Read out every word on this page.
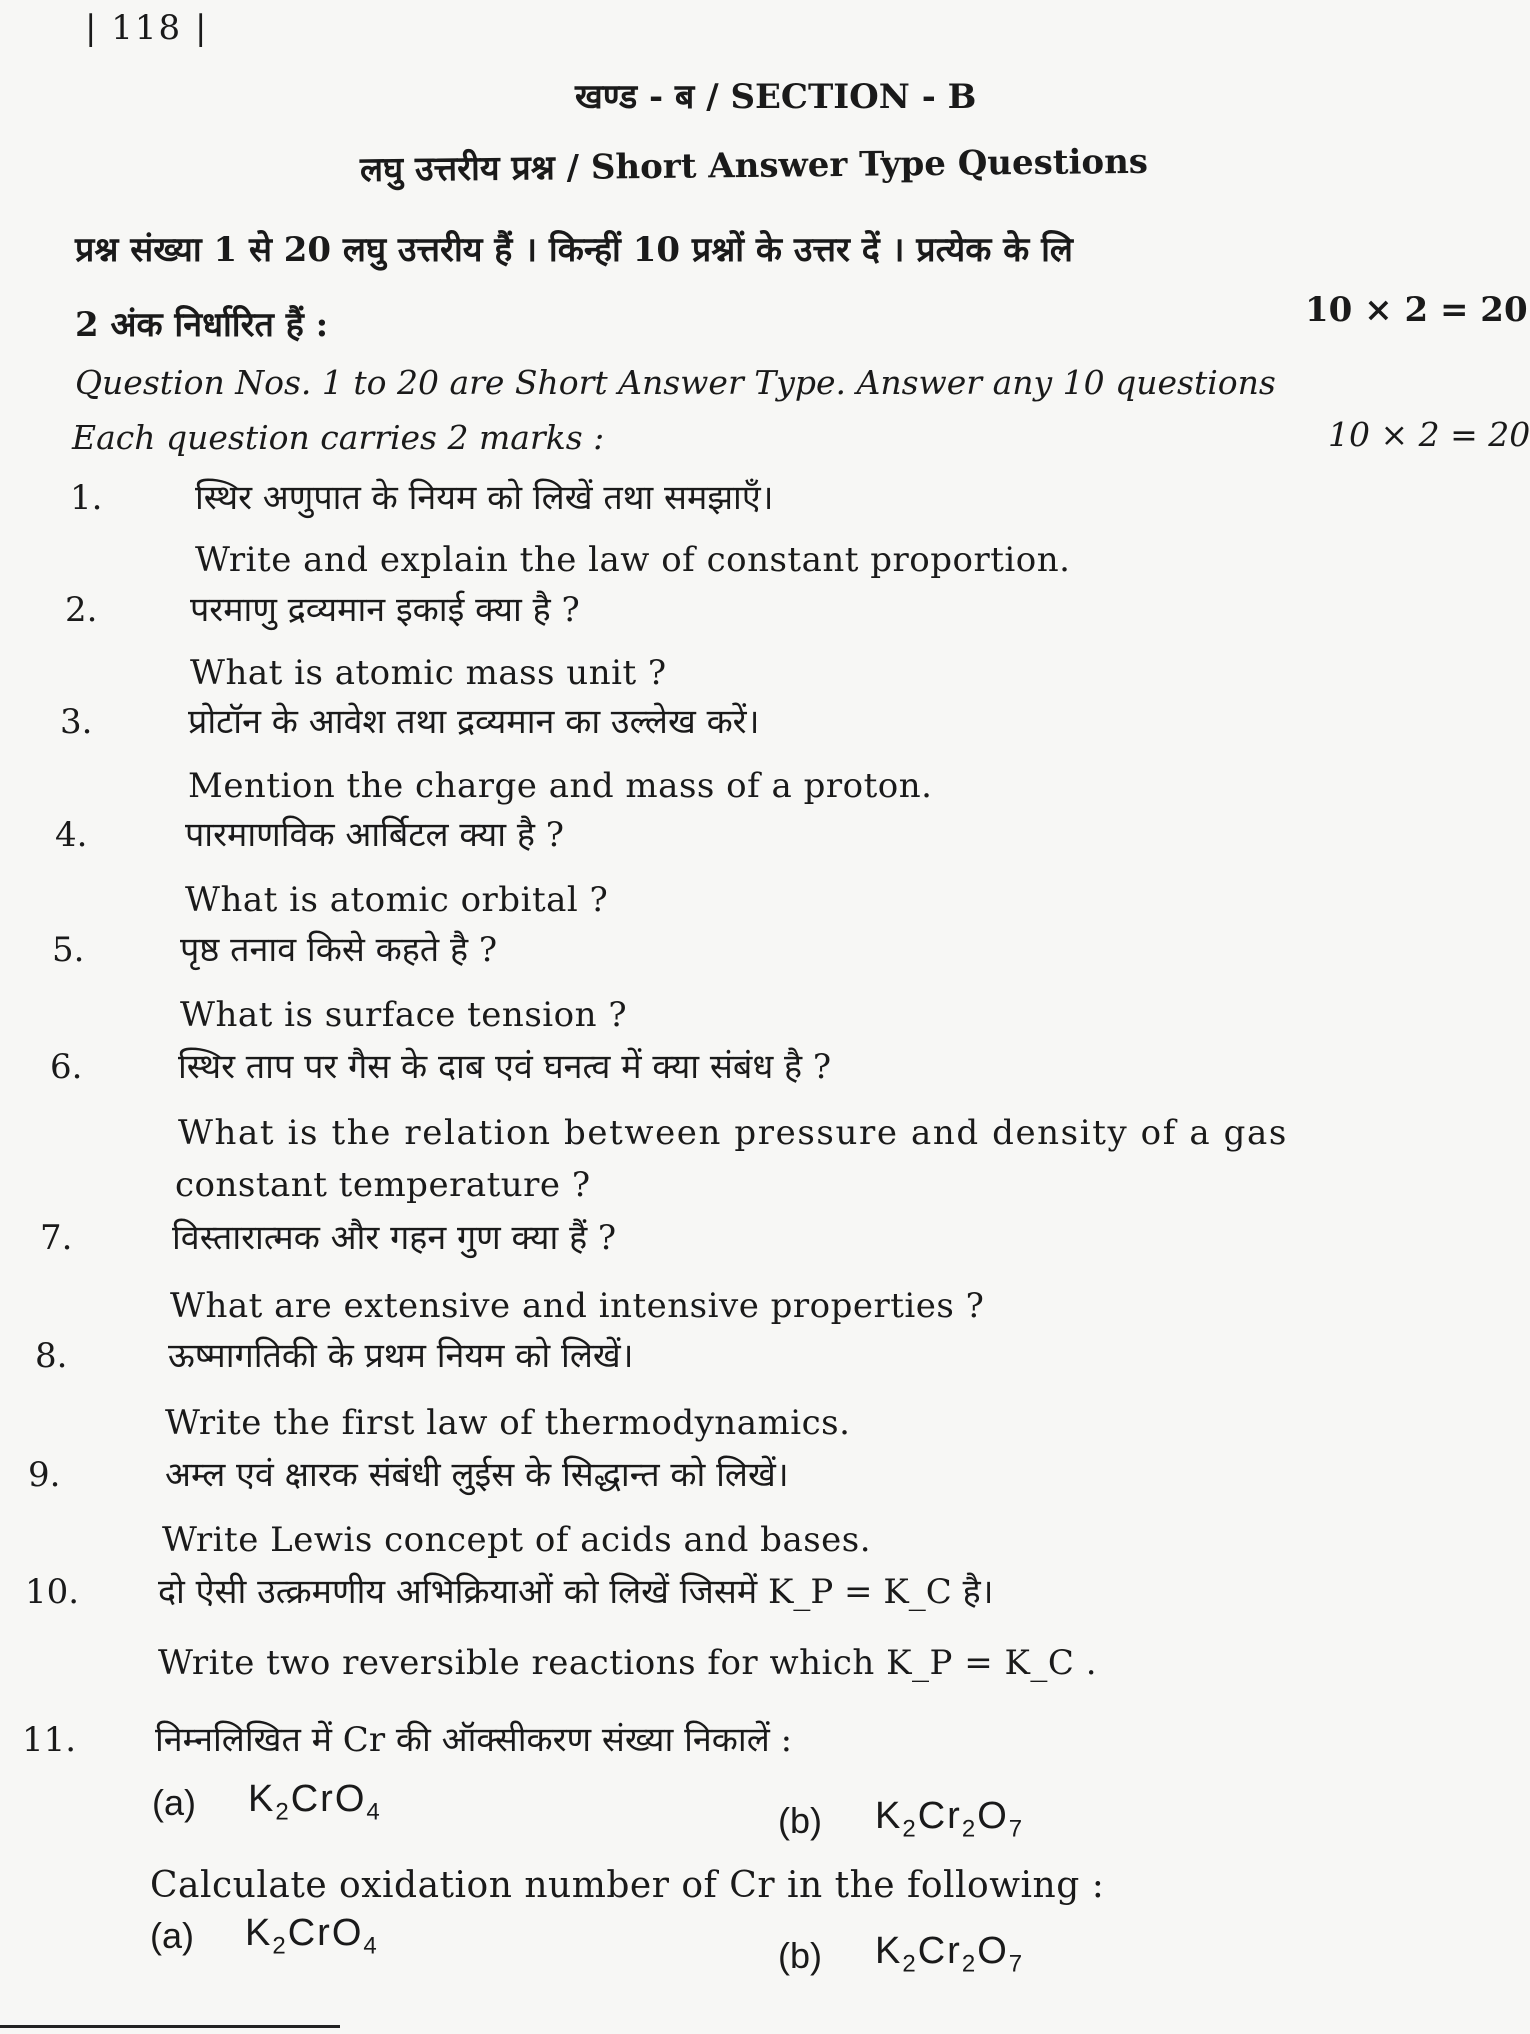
| 118 |
खण्ड - ब / SECTION - B
लघु उत्तरीय प्रश्न / Short Answer Type Questions
प्रश्न संख्या 1 से 20 लघु उत्तरीय हैं । किन्हीं 10 प्रश्नों के उत्तर दें । प्रत्येक के लि
2 अंक निर्धारित हैं :	10 × 2 = 20
Question Nos. 1 to 20 are Short Answer Type. Answer any 10 questions
Each question carries 2 marks :	10 × 2 = 20
1.	स्थिर अणुपात के नियम को लिखें तथा समझाएँ।
Write and explain the law of constant proportion.
2.	परमाणु द्रव्यमान इकाई क्या है ?
What is atomic mass unit ?
3.	प्रोटॉन के आवेश तथा द्रव्यमान का उल्लेख करें।
Mention the charge and mass of a proton.
4.	पारमाणविक आर्बिटल क्या है ?
What is atomic orbital ?
5.	पृष्ठ तनाव किसे कहते है ?
What is surface tension ?
6.	स्थिर ताप पर गैस के दाब एवं घनत्व में क्या संबंध है ?
What is the relation between pressure and density of a gas
constant temperature ?
7.	विस्तारात्मक और गहन गुण क्या हैं ?
What are extensive and intensive properties ?
8.	ऊष्मागतिकी के प्रथम नियम को लिखें।
Write the first law of thermodynamics.
9.	अम्ल एवं क्षारक संबंधी लुईस के सिद्धान्त को लिखें।
Write Lewis concept of acids and bases.
10. दो ऐसी उत्क्रमणीय अभिक्रियाओं को लिखें जिसमें K_P = K_C है।
Write two reversible reactions for which K_P = K_C .
11. निम्नलिखित में Cr की ऑक्सीकरण संख्या निकालें :
(a) $K_2CrO_4$	(b) $K_2Cr_2O_7$
Calculate oxidation number of Cr in the following :
(a) $K_2CrO_4$	(b) $K_2Cr_2O_7$
